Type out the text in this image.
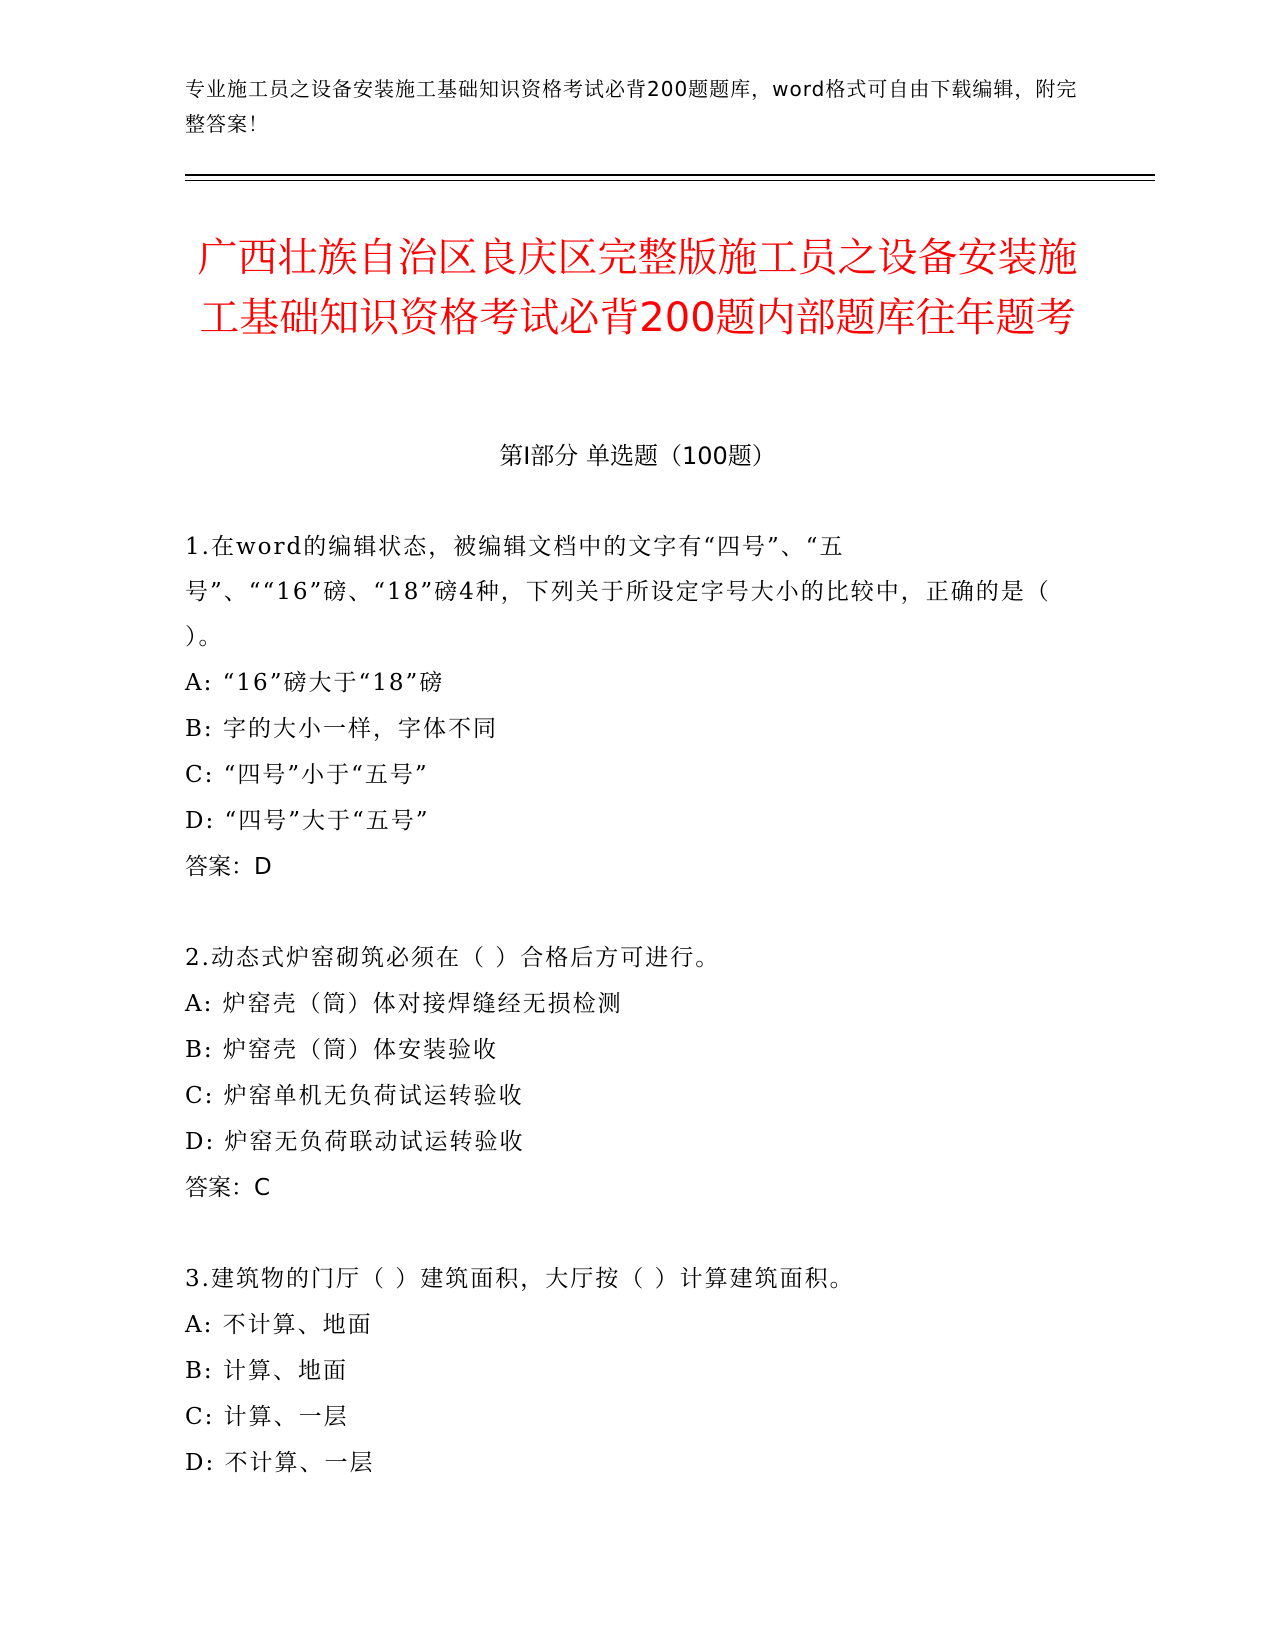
专业施工员之设备安装施工基础知识资格考试必背200题题库，word格式可自由下载编辑，附完整答案！
广西壮族自治区良庆区完整版施工员之设备安装施工基础知识资格考试必背200题内部题库往年题考
第Ⅰ部分 单选题（100题）

1.在word的编辑状态，被编辑文档中的文字有“四号”、“五号”、““16”磅、“18”磅4种，下列关于所设定字号大小的比较中，正确的是（ ）。

A: “16”磅大于“18”磅

B: 字的大小一样，字体不同

C: “四号”小于“五号”

D: “四号”大于“五号”

答案：D

2.动态式炉窑砌筑必须在（ ）合格后方可进行。

A: 炉窑壳（筒）体对接焊缝经无损检测

B: 炉窑壳（筒）体安装验收

C: 炉窑单机无负荷试运转验收

D: 炉窑无负荷联动试运转验收

答案：C

3.建筑物的门厅（ ）建筑面积，大厅按（ ）计算建筑面积。

A: 不计算、地面

B: 计算、地面

C: 计算、一层

D: 不计算、一层
